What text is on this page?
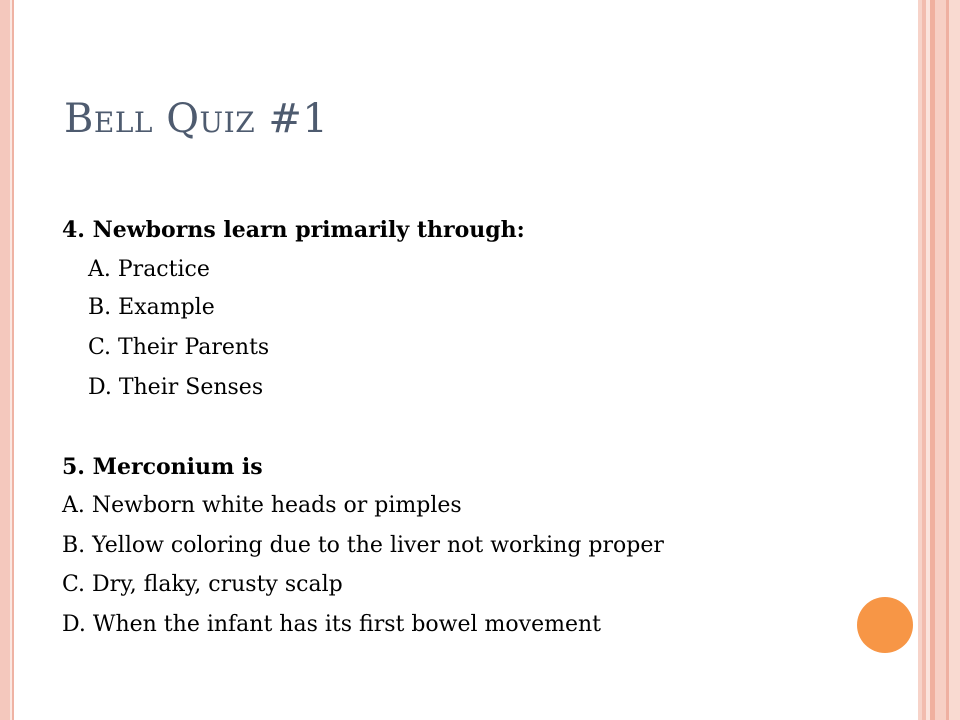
Bell Quiz #1

4. Newborns learn primarily through:

A. Practice

B. Example

C. Their Parents

D. Their Senses

5. Merconium is

A. Newborn white heads or pimples

B. Yellow coloring due to the liver not working proper

C. Dry, flaky, crusty scalp

D. When the infant has its first bowel movement
